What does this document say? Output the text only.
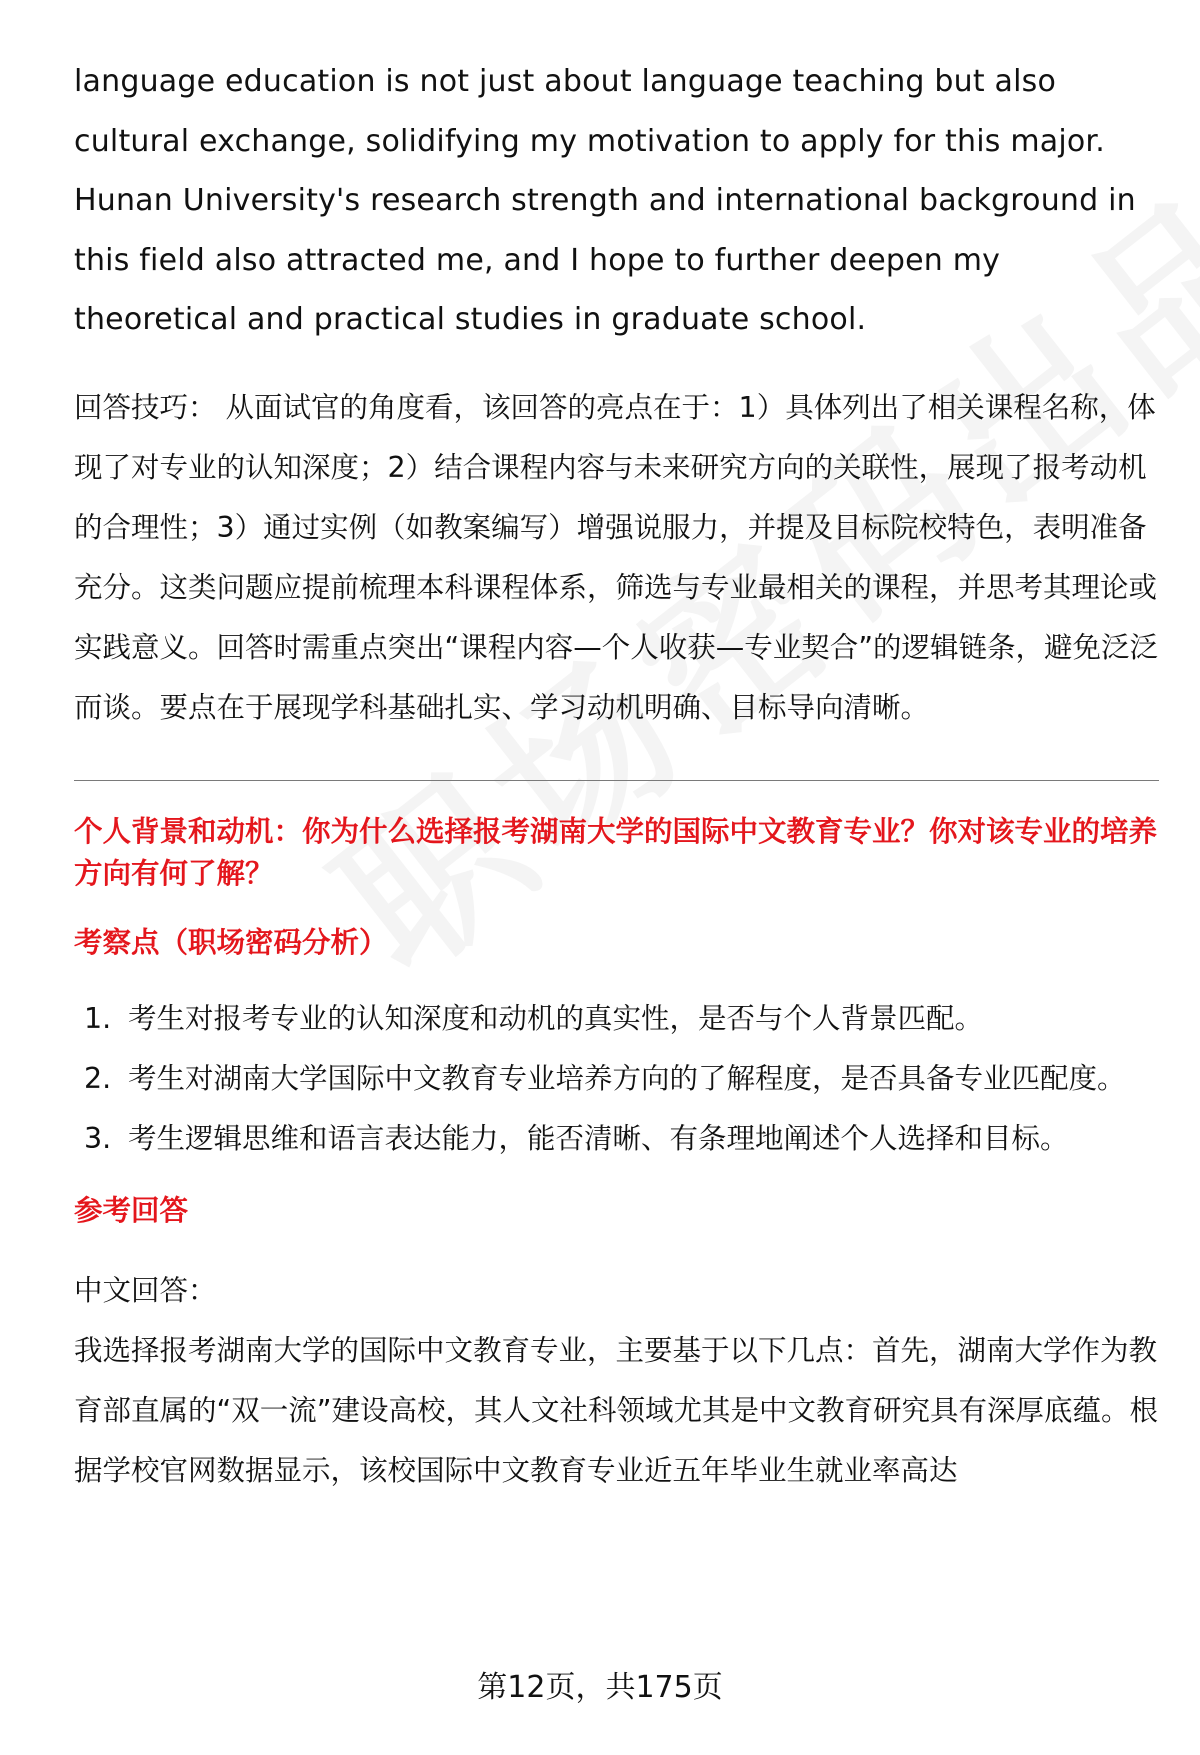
language education is not just about language teaching but also cultural exchange, solidifying my motivation to apply for this major. Hunan University's research strength and international background in this field also attracted me, and I hope to further deepen my theoretical and practical studies in graduate school.

回答技巧： 从面试官的角度看，该回答的亮点在于：1）具体列出了相关课程名称，体现了对专业的认知深度；2）结合课程内容与未来研究方向的关联性，展现了报考动机的合理性；3）通过实例（如教案编写）增强说服力，并提及目标院校特色，表明准备充分。这类问题应提前梳理本科课程体系，筛选与专业最相关的课程，并思考其理论或实践意义。回答时需重点突出“课程内容—个人收获—专业契合”的逻辑链条，避免泛泛而谈。要点在于展现学科基础扎实、学习动机明确、目标导向清晰。

个人背景和动机：你为什么选择报考湖南大学的国际中文教育专业？你对该专业的培养方向有何了解？
考察点（职场密码分析）
1. 考生对报考专业的认知深度和动机的真实性，是否与个人背景匹配。
2. 考生对湖南大学国际中文教育专业培养方向的了解程度，是否具备专业匹配度。
3. 考生逻辑思维和语言表达能力，能否清晰、有条理地阐述个人选择和目标。
参考回答
中文回答：

我选择报考湖南大学的国际中文教育专业，主要基于以下几点：首先，湖南大学作为教育部直属的“双一流”建设高校，其人文社科领域尤其是中文教育研究具有深厚底蕴。根据学校官网数据显示，该校国际中文教育专业近五年毕业生就业率高达

第12页，共175页
